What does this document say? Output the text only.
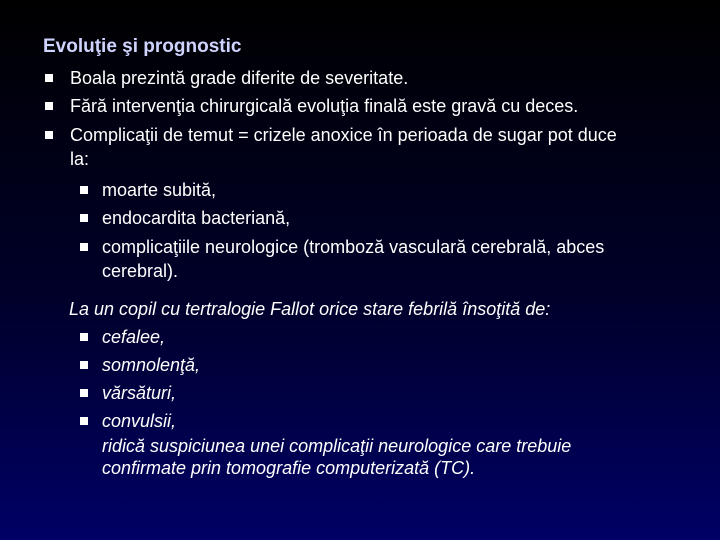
Evoluţie şi prognostic
Boala prezintă grade diferite de severitate.
Fără intervenţia chirurgicală evoluţia finală este gravă cu deces.
Complicaţii de temut = crizele anoxice în perioada de sugar pot duce
la:
moarte subită,
endocardita bacteriană,
complicaţiile neurologice (tromboză vasculară cerebrală, abces
cerebral).
La un copil cu tertralogie Fallot orice stare febrilă însoţită de:
cefalee,
somnolenţă,
vărsături,
convulsii,
ridică suspiciunea unei complicaţii neurologice care trebuie
confirmate prin tomografie computerizată (TC).
